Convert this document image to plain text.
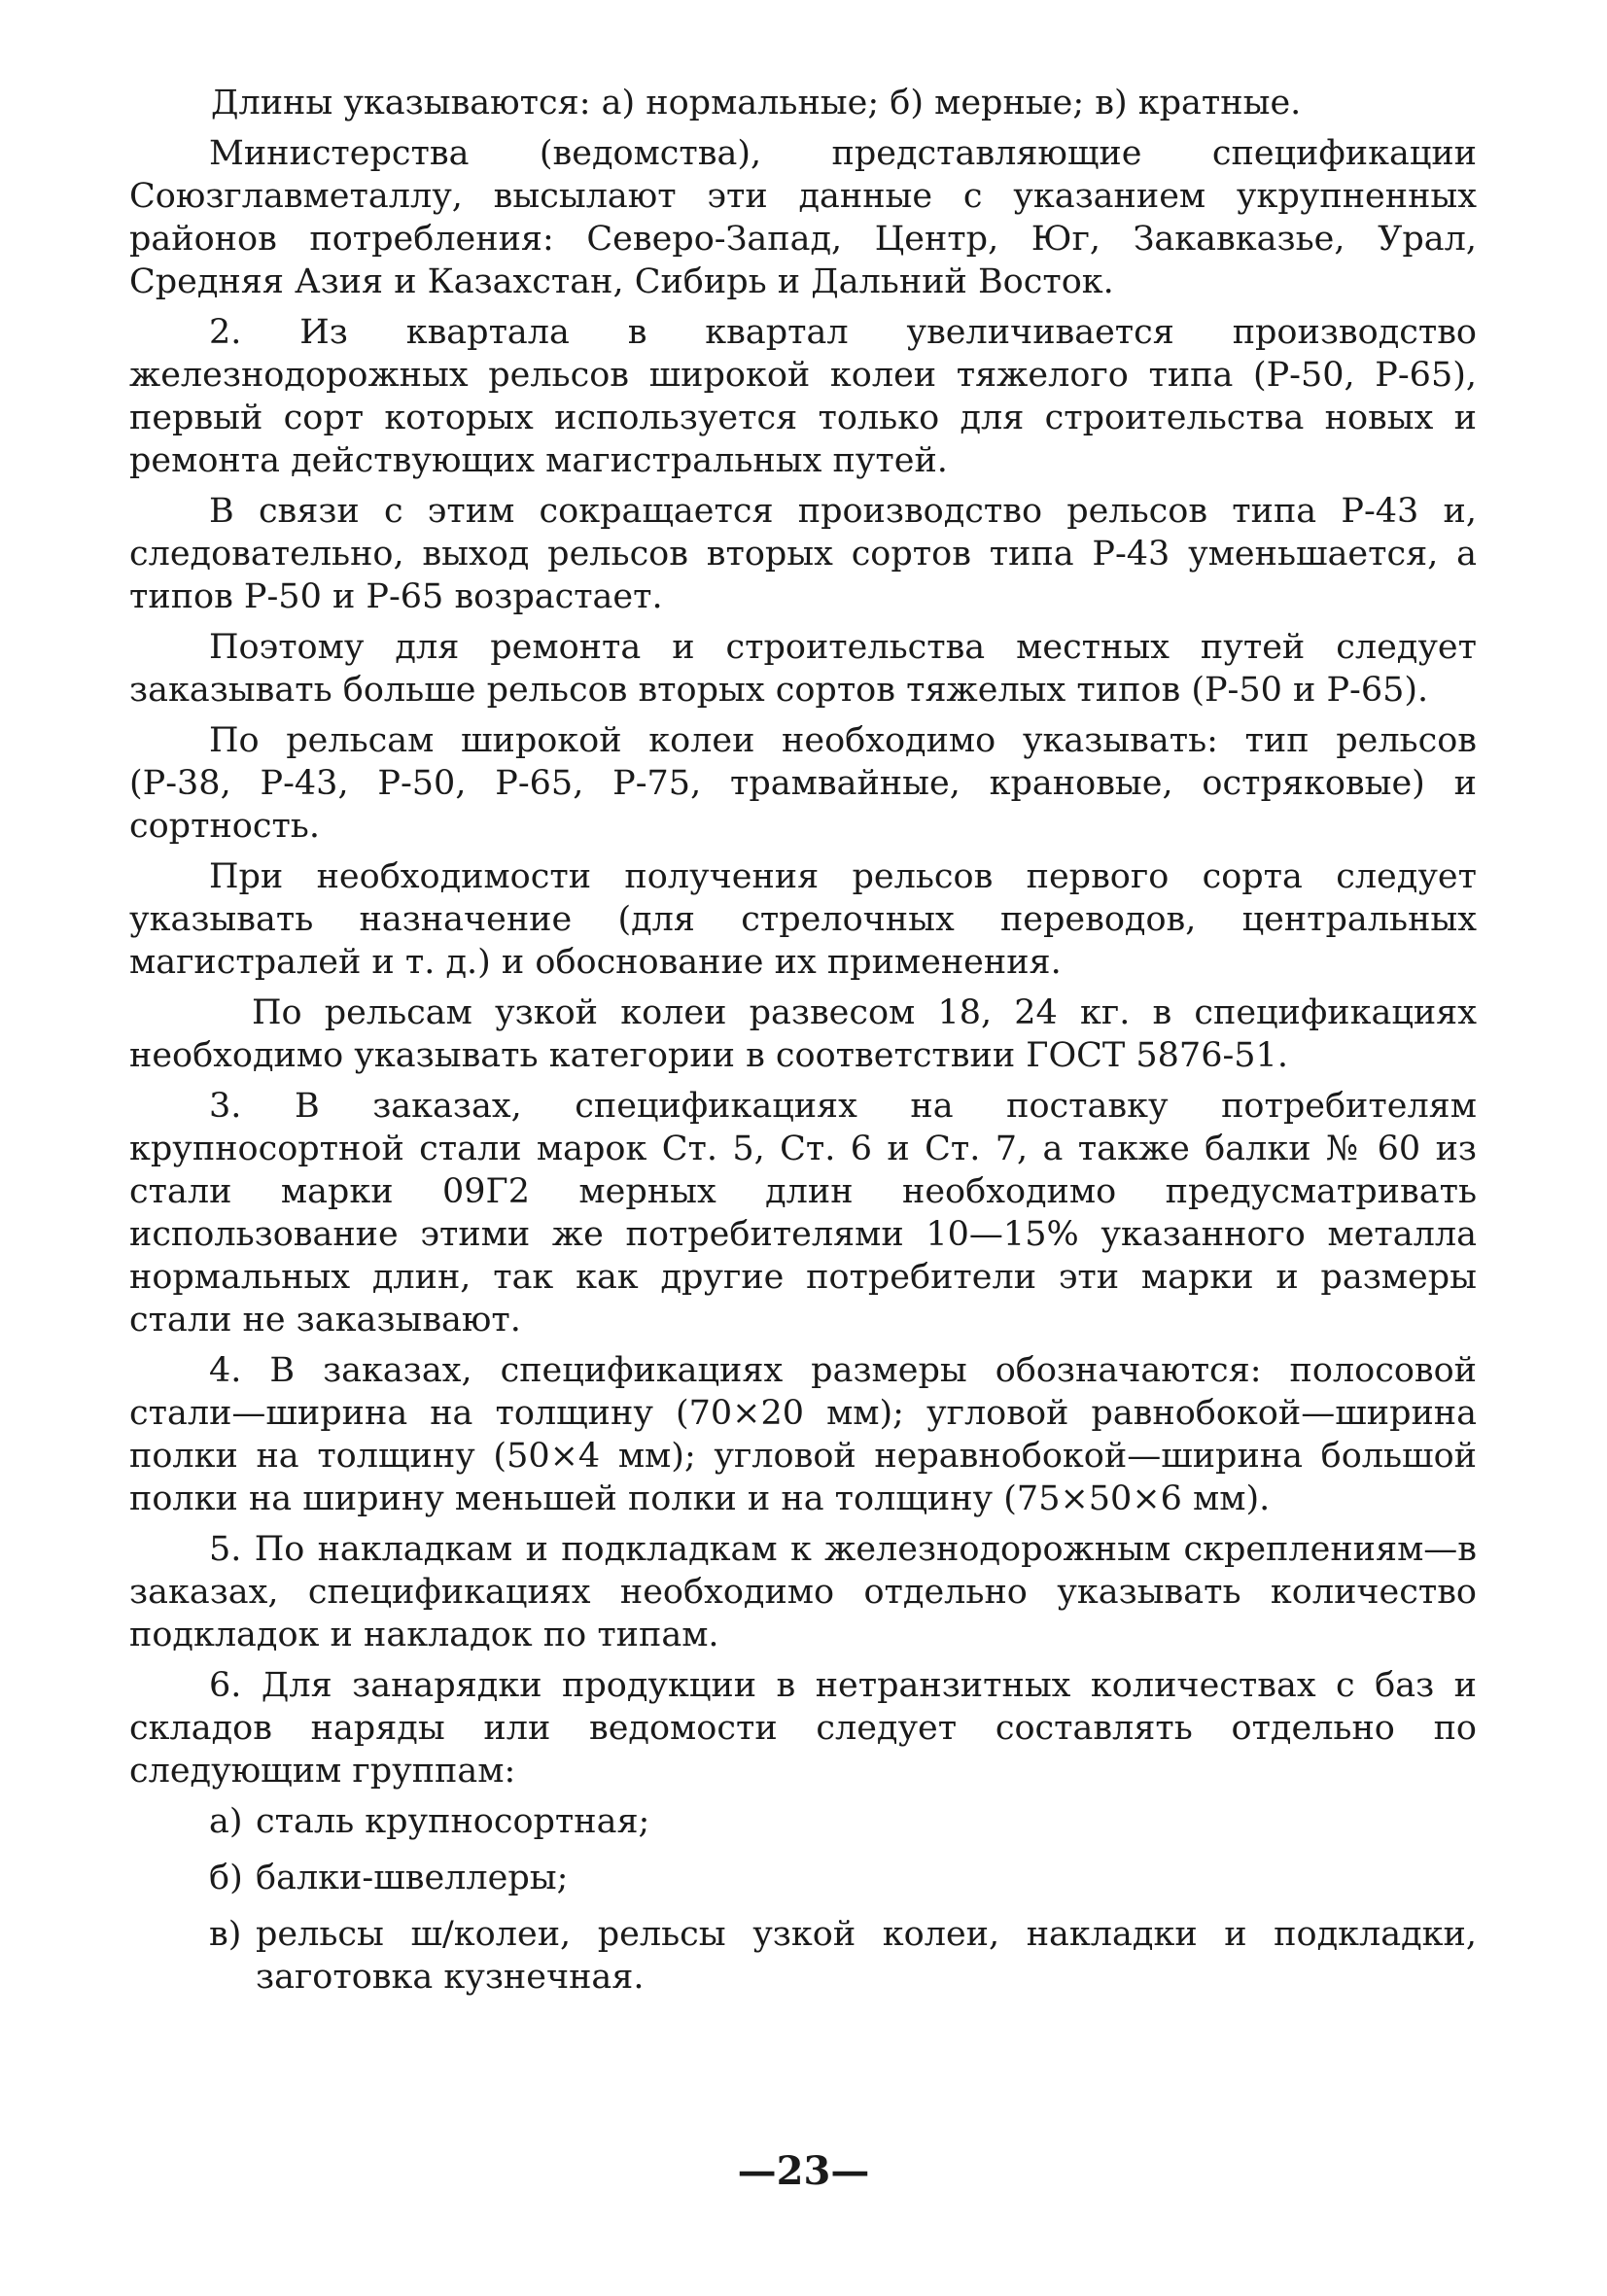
Длины указываются: а) нормальные; б) мерные; в) кратные.

Министерства (ведомства), представляющие спецификации Союзглавметаллу, высылают эти данные с указанием укрупненных районов потребления: Северо-Запад, Центр, Юг, Закавказье, Урал, Средняя Азия и Казахстан, Сибирь и Дальний Восток.

2. Из квартала в квартал увеличивается производство железнодорожных рельсов широкой колеи тяжелого типа (Р-50, Р-65), первый сорт которых используется только для строительства новых и ремонта действующих магистральных путей.

В связи с этим сокращается производство рельсов типа Р-43 и, следовательно, выход рельсов вторых сортов типа Р-43 уменьшается, а типов Р-50 и Р-65 возрастает.

Поэтому для ремонта и строительства местных путей следует заказывать больше рельсов вторых сортов тяжелых типов (Р-50 и Р-65).

По рельсам широкой колеи необходимо указывать: тип рельсов (Р-38, Р-43, Р-50, Р-65, Р-75, трамвайные, крановые, остряковые) и сортность.

При необходимости получения рельсов первого сорта следует указывать назначение (для стрелочных переводов, центральных магистралей и т. д.) и обоснование их применения.

По рельсам узкой колеи развесом 18, 24 кг. в спецификациях необходимо указывать категории в соответствии ГОСТ 5876-51.

3. В заказах, спецификациях на поставку потребителям крупносортной стали марок Ст. 5, Ст. 6 и Ст. 7, а также балки № 60 из стали марки 09Г2 мерных длин необходимо предусматривать использование этими же потребителями 10—15% указанного металла нормальных длин, так как другие потребители эти марки и размеры стали не заказывают.

4. В заказах, спецификациях размеры обозначаются: полосовой стали—ширина на толщину (70×20 мм); угловой равнобокой—ширина полки на толщину (50×4 мм); угловой неравнобокой—ширина большой полки на ширину меньшей полки и на толщину (75×50×6 мм).

5. По накладкам и подкладкам к железнодорожным скреплениям—в заказах, спецификациях необходимо отдельно указывать количество подкладок и накладок по типам.

6. Для занарядки продукции в нетранзитных количествах с баз и складов наряды или ведомости следует составлять отдельно по следующим группам:

а) сталь крупносортная;
б) балки-швеллеры;
в) рельсы ш/колеи, рельсы узкой колеи, накладки и подкладки, заготовка кузнечная.
—23—
